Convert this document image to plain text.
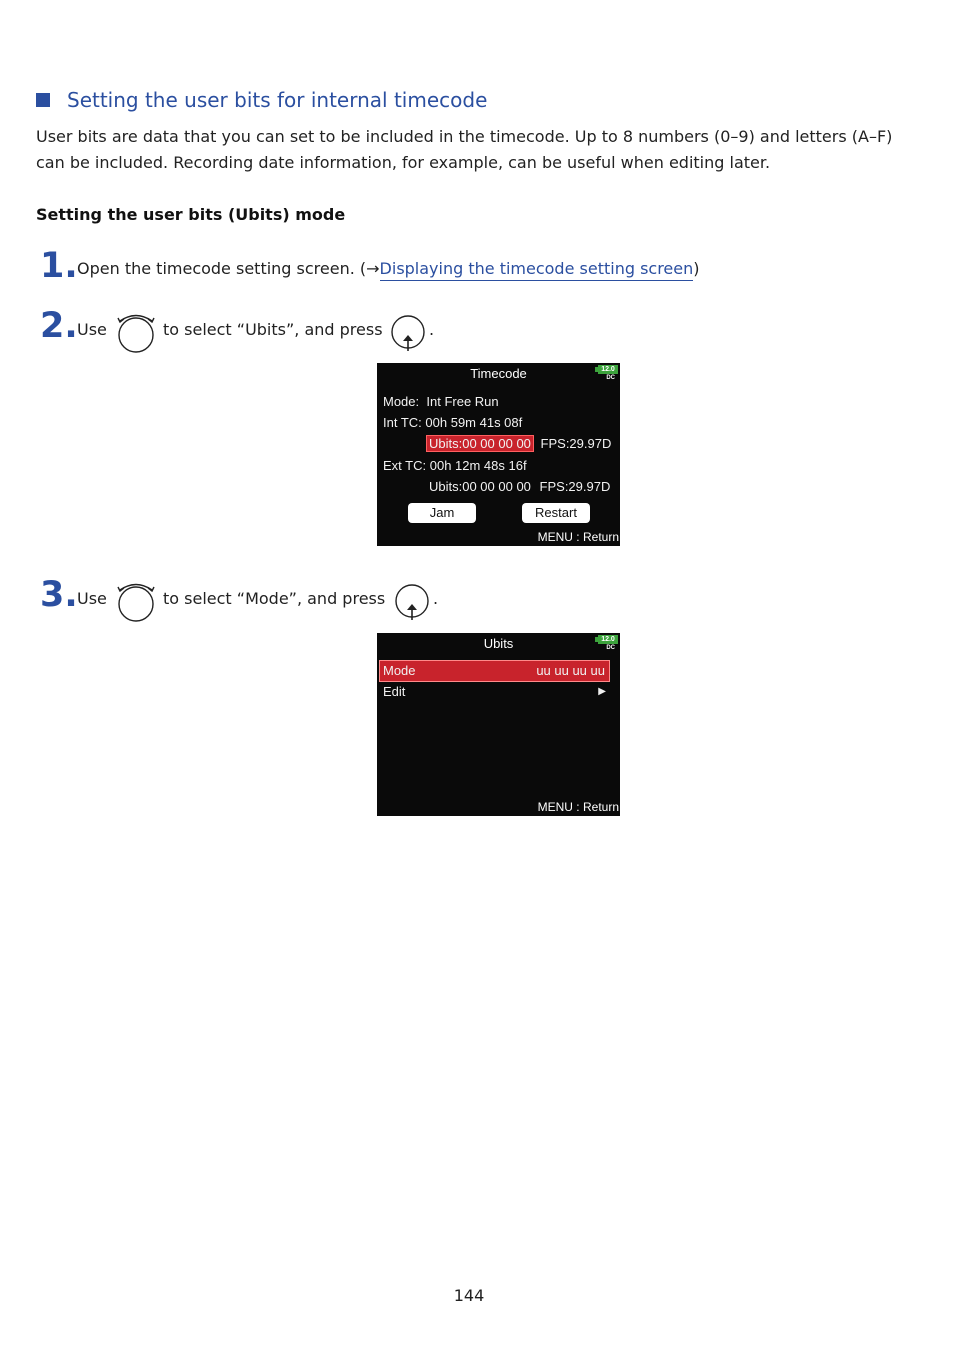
Setting the user bits for internal timecode
User bits are data that you can set to be included in the timecode. Up to 8 numbers (0–9) and letters (A–F) can be included. Recording date information, for example, can be useful when editing later.
Setting the user bits (Ubits) mode
1. Open the timecode setting screen. (→Displaying the timecode setting screen)
2. Use	to select “Ubits”, and press	.
Timecode	12.0
DC
Mode: Int Free Run
Int TC: 00h 59m 41s 08f
Ubits:00 00 00 00 FPS:29.97D
Ext TC: 00h 12m 48s 16f
Ubits:00 00 00 00 FPS:29.97D
Jam	Restart
MENU : Return
3. Use	to select “Mode”, and press	.
Ubits	12.0
DC
Mode	uu uu uu uu
Edit	▶
MENU : Return
144
